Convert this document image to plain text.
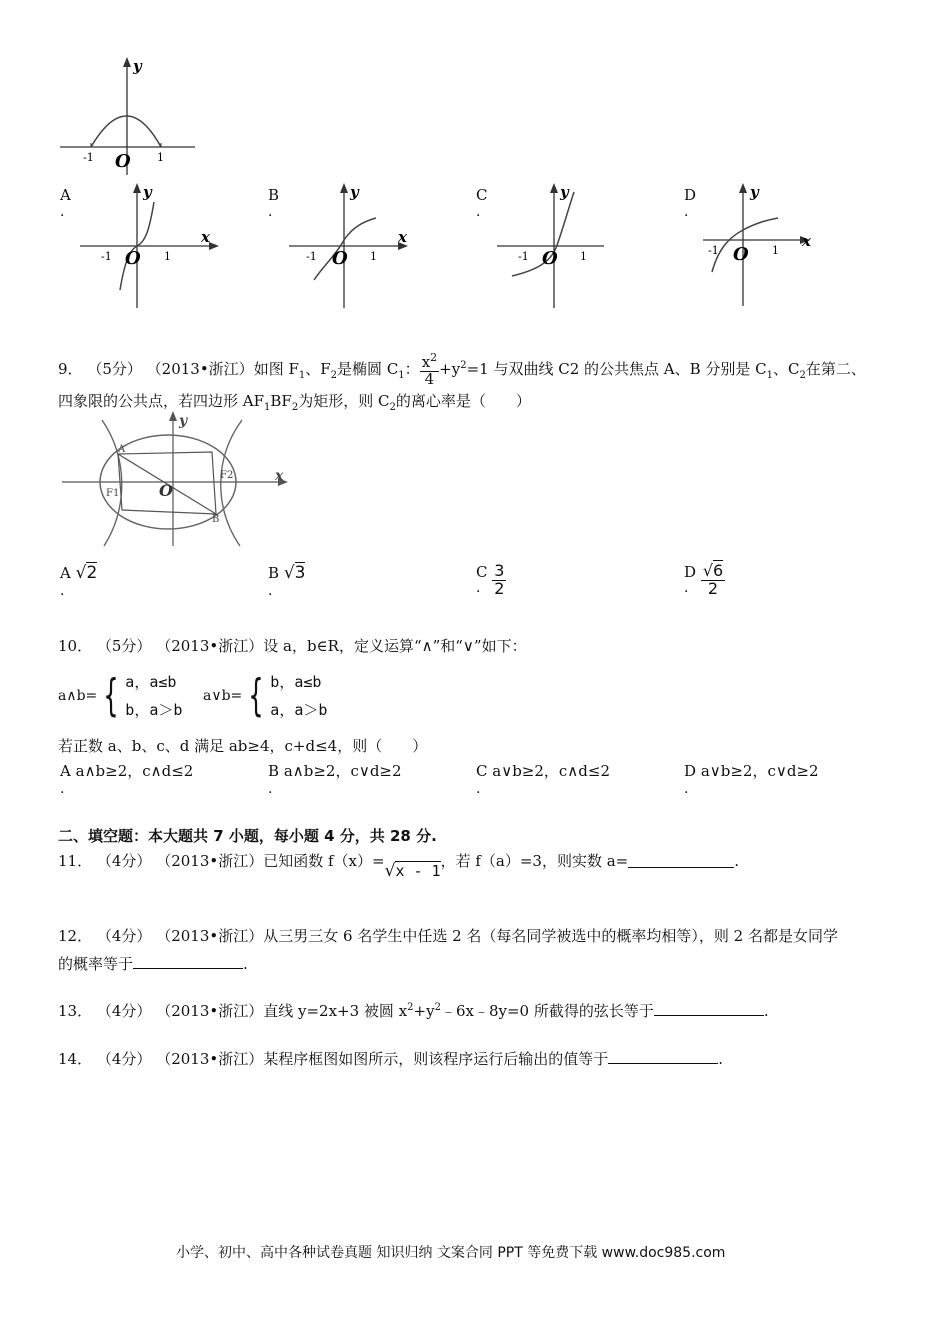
y
O
-1	1
A
.
y
x
O
-1	1
B
.
y
x
O
-1	1
C
.
y
O
-1	1
D
.
y
x
O
-1	1
9． （5分） （2013•浙江）如图 $F_1$、$F_2$是椭圆 $C_1$： $\frac{x^2}{4} +y^2=1$ 与双曲线 C2 的公共焦点 A、B 分别是 $C_1$、$C_2$在第二、
四象限的公共点，若四边形 $AF_1BF_2$为矩形，则 $C_2$的离心率是（　　）
y
x
O
A
B
F1
F2
A √2
.
B √3
.
C $\frac{3}{2}$
.
D $\frac{√6}{2}$
.
10． （5分） （2013•浙江）设 a，b∈R，定义运算“∧”和“∨”如下：
a∧b= { a，a≤b
b，a＞b
a∨b= { b，a≤b
a，a＞b
若正数 a、b、c、d 满足 ab≥4，c+d≤4，则（　　）
A a∧b≥2，c∧d≤2
.
B a∧b≥2，c∨d≥2
.
C a∨b≥2，c∧d≤2
.
D a∨b≥2，c∨d≥2
.
二、填空题：本大题共 7 小题，每小题 4 分，共 28 分.
11．
（4分）
（2013•浙江） 已知函数 f（x）= √x - 1
，若 f（a）=3，则实数 a=	.
12． （4分） （2013•浙江）从三男三女 6 名学生中任选 2 名（每名同学被选中的概率均相等），则 2 名都是女同学
的概率等于	.
13． （4分） （2013•浙江）直线 y=2x+3 被圆 $x^2+y^2﹣6x﹣8y=0$ 所截得的弦长等于	.
14． （4分） （2013•浙江）某程序框图如图所示，则该程序运行后输出的值等于	.
小学、初中、高中各种试卷真题 知识归纳 文案合同 PPT 等免费下载 www.doc985.com
